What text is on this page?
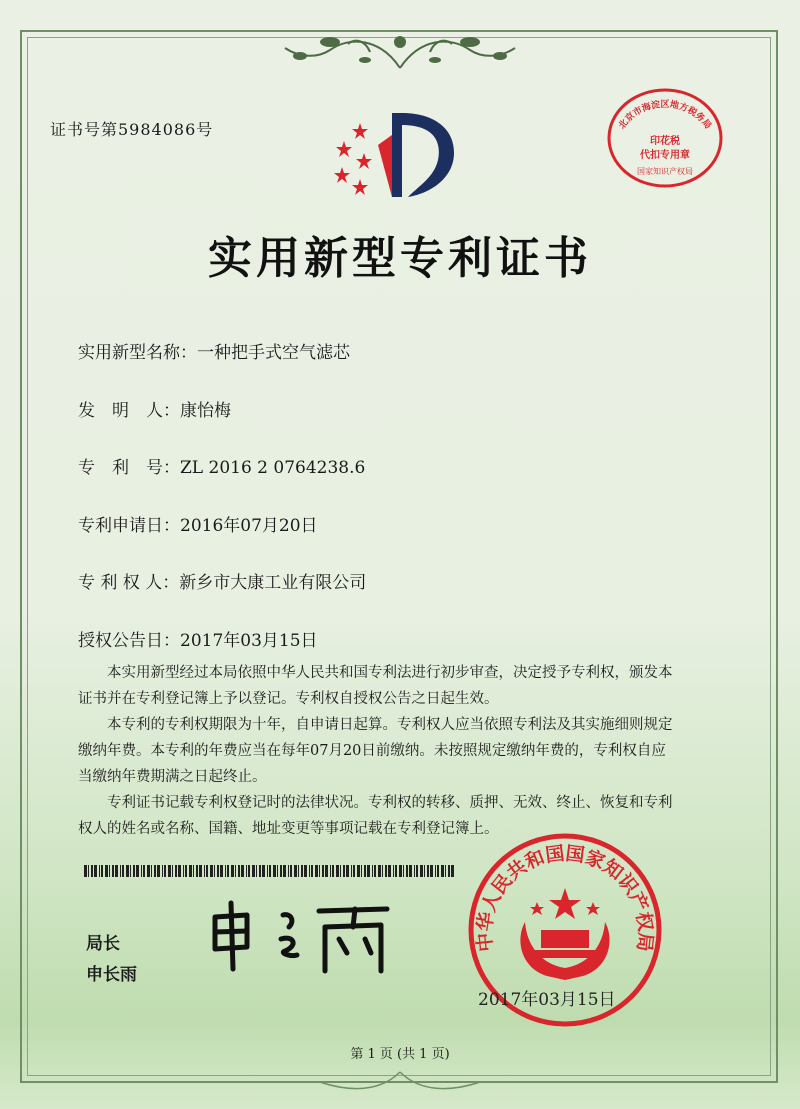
证书号第5984086号	北京市海淀区地方税务局
印花税
代扣专用章
国家知识产权局
实用新型专利证书
实用新型名称：一种把手式空气滤芯
发　明　人：康怡梅
专　利　号：ZL 2016 2 0764238.6
专利申请日：2016年07月20日
专 利 权 人：新乡市大康工业有限公司
授权公告日：2017年03月15日

本实用新型经过本局依照中华人民共和国专利法进行初步审查，决定授予专利权，颁发本证书并在专利登记簿上予以登记。专利权自授权公告之日起生效。

本专利的专利权期限为十年，自申请日起算。专利权人应当依照专利法及其实施细则规定缴纳年费。本专利的年费应当在每年07月20日前缴纳。未按照规定缴纳年费的，专利权自应当缴纳年费期满之日起终止。

专利证书记载专利权登记时的法律状况。专利权的转移、质押、无效、终止、恢复和专利权人的姓名或名称、国籍、地址变更等事项记载在专利登记簿上。

局长
申长雨
中华人民共和国国家知识产权局
2017年03月15日
第 1 页 (共 1 页)
